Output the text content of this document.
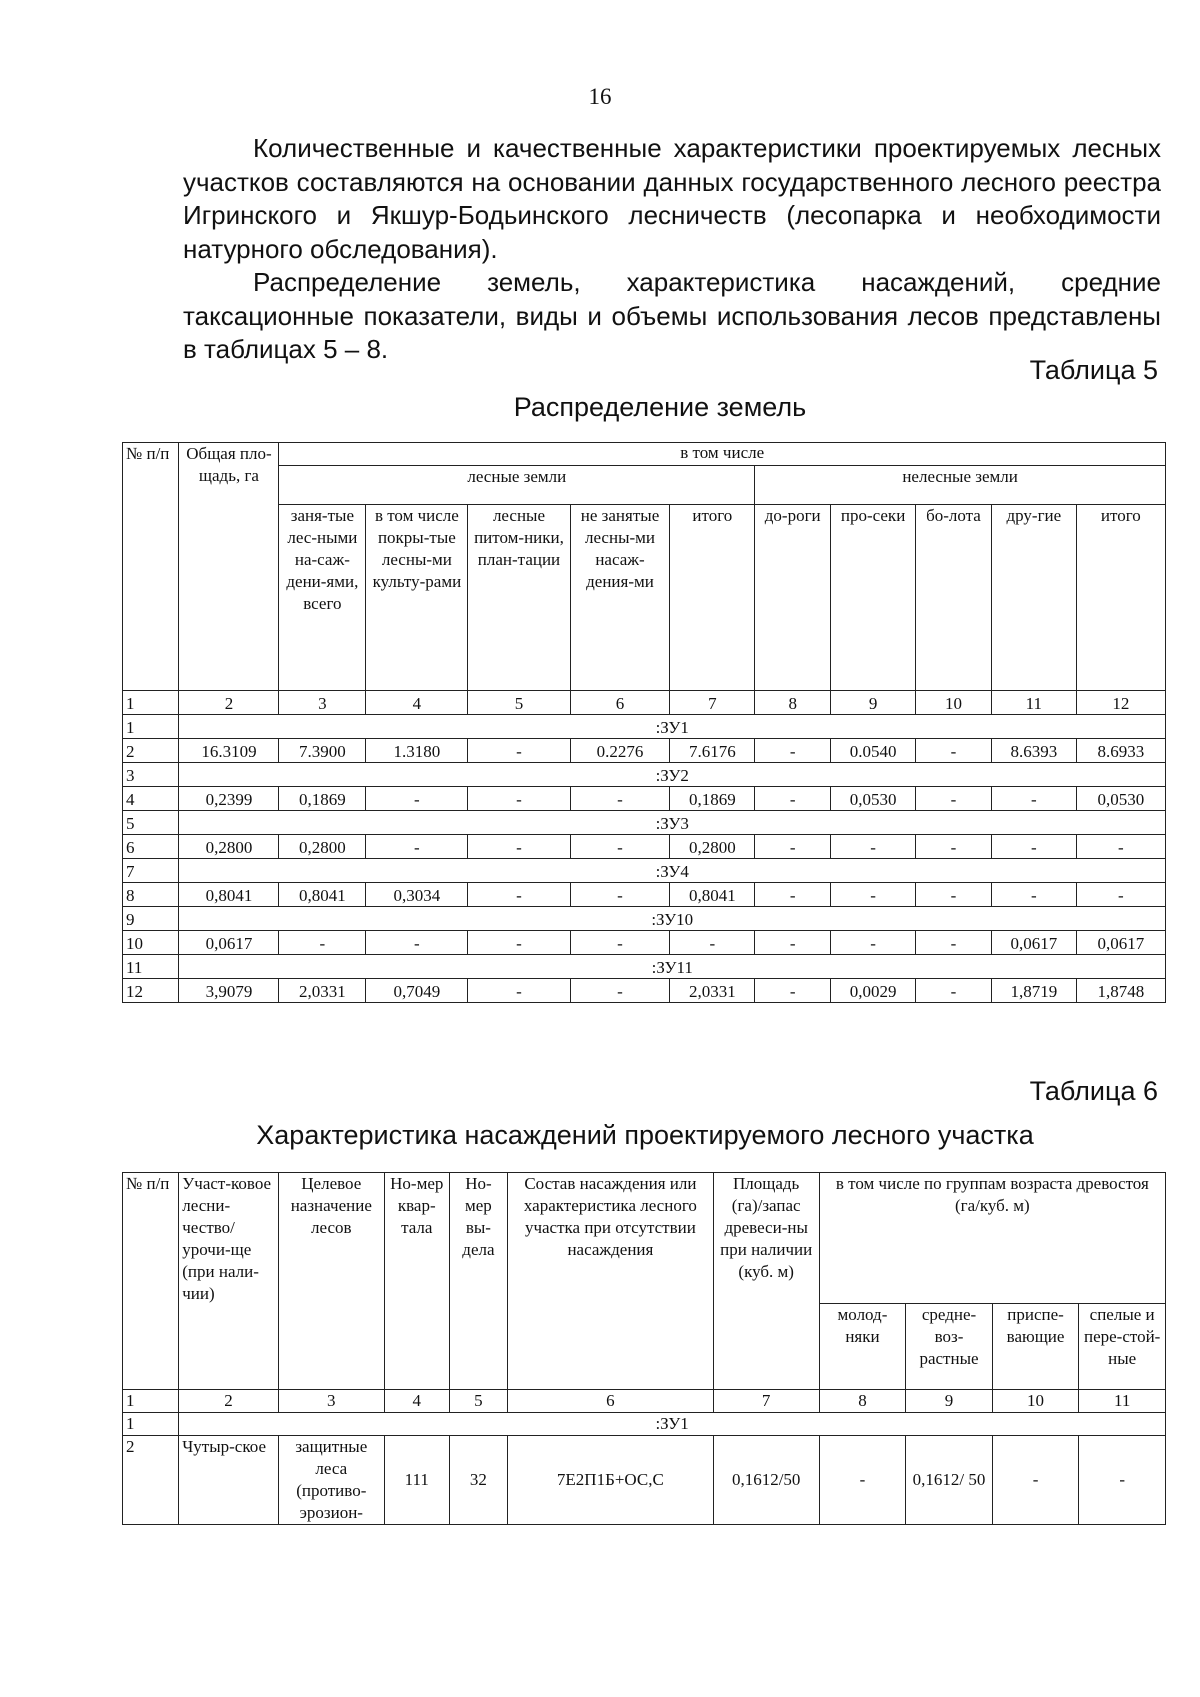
16

Количественные и качественные характеристики проектируемых лесных участков составляются на основании данных государственного лесного реестра Игринского и Якшур-Бодьинского лесничеств (лесопарка и необходимости натурного обследования).

Распределение земель, характеристика насаждений, средние таксационные показатели, виды и объемы использования лесов представлены в таблицах 5 – 8.

Таблица 5
Распределение земель
№ п/п	Общая пло-щадь, га	в том числе									
		лесные земли					нелесные земли				
		заня-тые лес-ными на-саж-дени-ями, всего	в том числе покры-тые лесны-ми культу-рами	лесные питом-ники, план-тации	не занятые лесны-ми насаж-дения-ми	итого	до-роги	про-секи	бо-лота	дру-гие	итого
1	2	3	4	5	6	7	8	9	10	11	12
1	:ЗУ1										
2	16.3109	7.3900	1.3180	-	0.2276	7.6176	-	0.0540	-	8.6393	8.6933
3	:ЗУ2										
4	0,2399	0,1869	-	-	-	0,1869	-	0,0530	-	-	0,0530
5	:ЗУ3										
6	0,2800	0,2800	-	-	-	0,2800	-	-	-	-	-
7	:ЗУ4										
8	0,8041	0,8041	0,3034	-	-	0,8041	-	-	-	-	-
9	:ЗУ10										
10	0,0617	-	-	-	-	-	-	-	-	0,0617	0,0617
11	:ЗУ11										
12	3,9079	2,0331	0,7049	-	-	2,0331	-	0,0029	-	1,8719	1,8748
Таблица 6
Характеристика насаждений проектируемого лесного участка
№ п/п	Участ-ковое лесни-чество/ урочи-ще (при нали-чии)	Целевое назначение лесов	Но-мер квар-тала	Но-мер вы-дела	Состав насаждения или характеристика лесного участка при отсутствии насаждения	Площадь (га)/запас древеси-ны при наличии (куб. м)	в том числе по группам возраста древостоя (га/куб. м)			
							молод-няки	средне-воз-растные	приспе-вающие	спелые и пере-стой-ные
1	2	3	4	5	6	7	8	9	10	11
1	:ЗУ1									
2	Чутыр-ское	защитные леса (противо-эрозион-	111	32	7Е2П1Б+ОС,С	0,1612/50	-	0,1612/ 50	-	-
